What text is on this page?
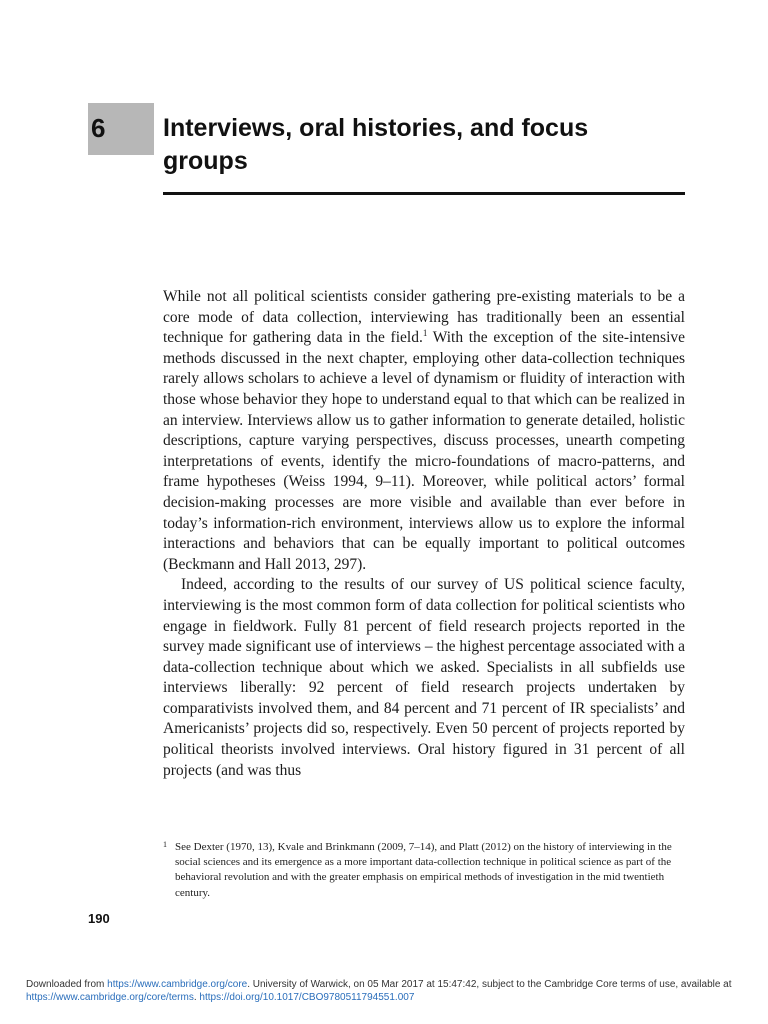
6 Interviews, oral histories, and focus groups

While not all political scientists consider gathering pre-existing materials to be a core mode of data collection, interviewing has traditionally been an essential technique for gathering data in the field.$^1$ With the exception of the site-intensive methods discussed in the next chapter, employing other data-collection techniques rarely allows scholars to achieve a level of dynamism or fluidity of interaction with those whose behavior they hope to understand equal to that which can be realized in an interview. Interviews allow us to gather information to generate detailed, holistic descriptions, capture varying perspectives, discuss processes, unearth competing interpretations of events, identify the micro-foundations of macro-patterns, and frame hypotheses (Weiss 1994, 9–11). Moreover, while political actors’ formal decision-making processes are more visible and available than ever before in today’s information-rich environment, interviews allow us to explore the informal interactions and behaviors that can be equally important to political outcomes (Beckmann and Hall 2013, 297).

Indeed, according to the results of our survey of US political science faculty, interviewing is the most common form of data collection for political scientists who engage in fieldwork. Fully 81 percent of field research projects reported in the survey made significant use of interviews – the highest percentage associated with a data-collection technique about which we asked. Specialists in all subfields use interviews liberally: 92 percent of field research projects undertaken by comparativists involved them, and 84 percent and 71 percent of IR specialists’ and Americanists’ projects did so, respectively. Even 50 percent of projects reported by political theorists involved interviews. Oral history figured in 31 percent of all projects (and was thus

1 See Dexter (1970, 13), Kvale and Brinkmann (2009, 7–14), and Platt (2012) on the history of interviewing in the social sciences and its emergence as a more important data-collection technique in political science as part of the behavioral revolution and with the greater emphasis on empirical methods of investigation in the mid twentieth century.
190
Downloaded from https://www.cambridge.org/core. University of Warwick, on 05 Mar 2017 at 15:47:42, subject to the Cambridge Core terms of use, available at https://www.cambridge.org/core/terms. https://doi.org/10.1017/CBO9780511794551.007
